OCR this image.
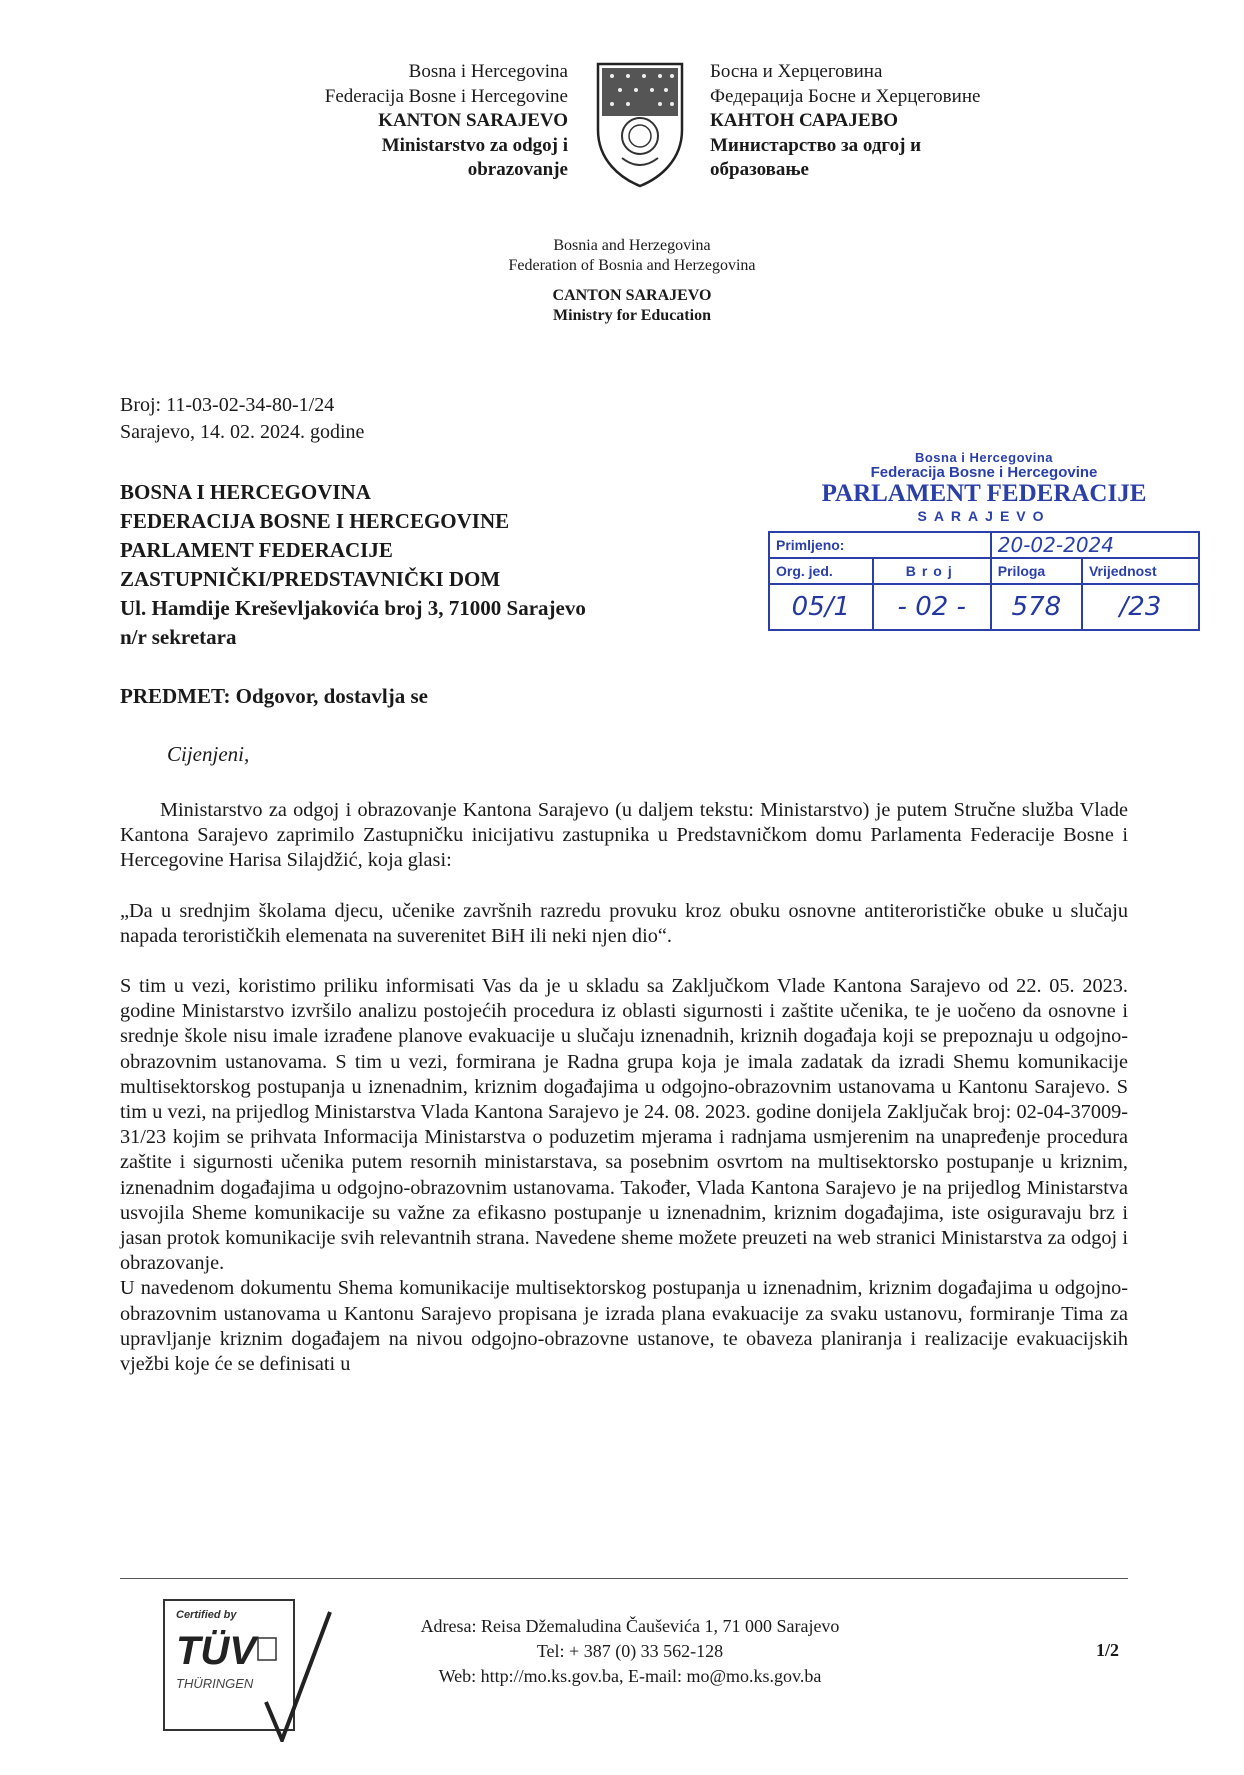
Bosna i Hercegovina
Federacija Bosne i Hercegovine
KANTON SARAJEVO
Ministarstvo za odgoj i
obrazovanje
Босна и Херцеговина
Федерација Босне и Херцеговине
КАНТОН САРАЈЕВО
Министарство за одгој и
образовање
Bosnia and Herzegovina
Federation of Bosnia and Herzegovina
CANTON SARAJEVO
Ministry for Education
Broj: 11-03-02-34-80-1/24
Sarajevo, 14. 02. 2024. godine
BOSNA I HERCEGOVINA
FEDERACIJA BOSNE I HERCEGOVINE
PARLAMENT FEDERACIJE
ZASTUPNIČKI/PREDSTAVNIČKI DOM
Ul. Hamdije Kreševljakovića broj 3, 71000 Sarajevo
n/r sekretara
Bosna i Hercegovina
Federacija Bosne i Hercegovine
PARLAMENT FEDERACIJE
SARAJEVO
Primljeno:		20-02-2024	
Org. jed.	Broj	Priloga	Vrijednost
05/1	- 02 -	578	/23
PREDMET: Odgovor, dostavlja se
Cijenjeni,

Ministarstvo za odgoj i obrazovanje Kantona Sarajevo (u daljem tekstu: Ministarstvo) je putem Stručne služba Vlade Kantona Sarajevo zaprimilo Zastupničku inicijativu zastupnika u Predstavničkom domu Parlamenta Federacije Bosne i Hercegovine Harisa Silajdžić, koja glasi:

„Da u srednjim školama djecu, učenike završnih razredu provuku kroz obuku osnovne antiterorističke obuke u slučaju napada terorističkih elemenata na suverenitet BiH ili neki njen dio“.

S tim u vezi, koristimo priliku informisati Vas da je u skladu sa Zaključkom Vlade Kantona Sarajevo od 22. 05. 2023. godine Ministarstvo izvršilo analizu postojećih procedura iz oblasti sigurnosti i zaštite učenika, te je uočeno da osnovne i srednje škole nisu imale izrađene planove evakuacije u slučaju iznenadnih, kriznih događaja koji se prepoznaju u odgojno-obrazovnim ustanovama. S tim u vezi, formirana je Radna grupa koja je imala zadatak da izradi Shemu komunikacije multisektorskog postupanja u iznenadnim, kriznim događajima u odgojno-obrazovnim ustanovama u Kantonu Sarajevo. S tim u vezi, na prijedlog Ministarstva Vlada Kantona Sarajevo je 24. 08. 2023. godine donijela Zaključak broj: 02-04-37009-31/23 kojim se prihvata Informacija Ministarstva o poduzetim mjerama i radnjama usmjerenim na unapređenje procedura zaštite i sigurnosti učenika putem resornih ministarstava, sa posebnim osvrtom na multisektorsko postupanje u kriznim, iznenadnim događajima u odgojno-obrazovnim ustanovama. Također, Vlada Kantona Sarajevo je na prijedlog Ministarstva usvojila Sheme komunikacije su važne za efikasno postupanje u iznenadnim, kriznim događajima, iste osiguravaju brz i jasan protok komunikacije svih relevantnih strana. Navedene sheme možete preuzeti na web stranici Ministarstva za odgoj i obrazovanje.

U navedenom dokumentu Shema komunikacije multisektorskog postupanja u iznenadnim, kriznim događajima u odgojno-obrazovnim ustanovama u Kantonu Sarajevo propisana je izrada plana evakuacije za svaku ustanovu, formiranje Tima za upravljanje kriznim događajem na nivou odgojno-obrazovne ustanove, te obaveza planiranja i realizacije evakuacijskih vježbi koje će se definisati u

Certified by
TÜV
THÜRINGEN
Adresa: Reisa Džemaludina Čauševića 1, 71 000 Sarajevo
Tel: + 387 (0) 33 562-128
Web: http://mo.ks.gov.ba, E-mail: mo@mo.ks.gov.ba
1/2
